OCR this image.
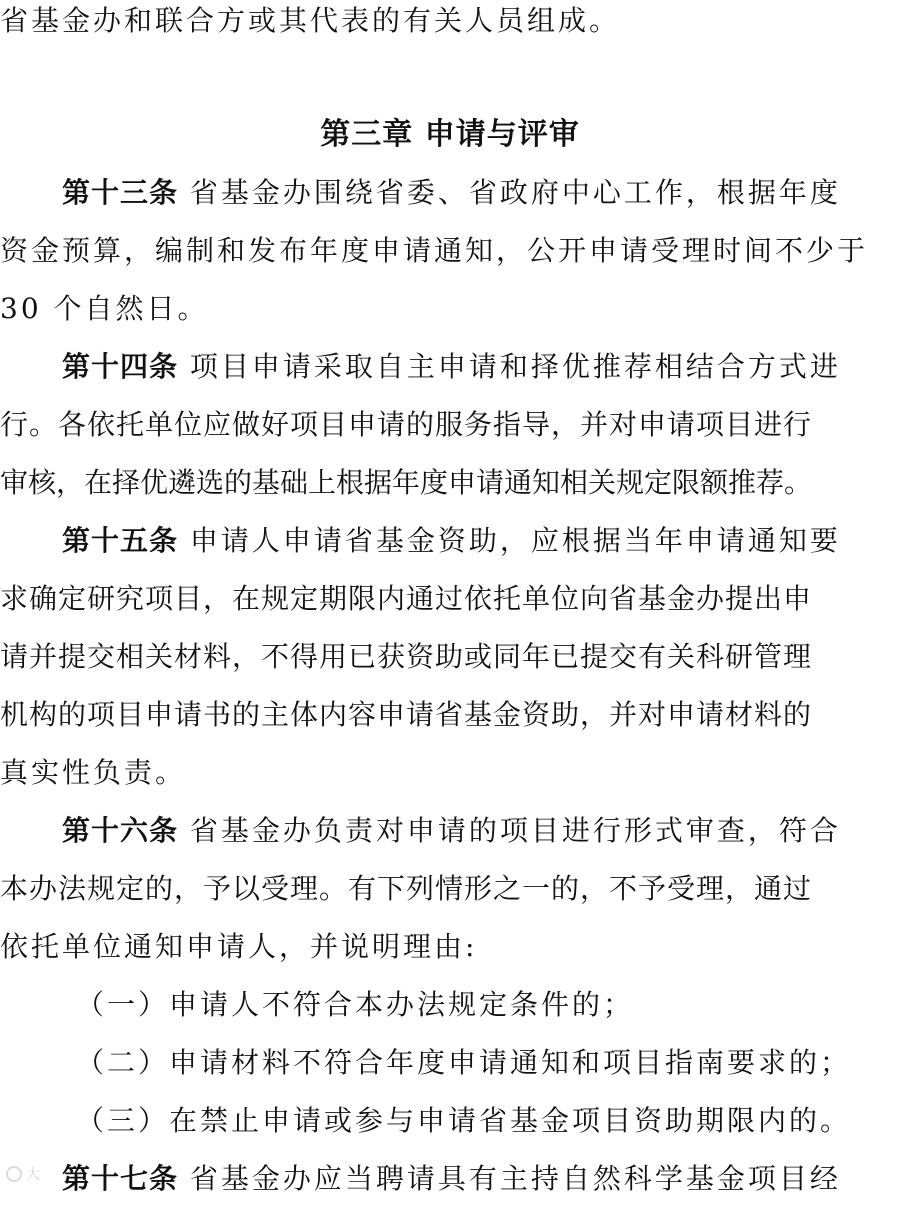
省基金办和联合方或其代表的有关人员组成。
第三章 申请与评审
第十三条 省基金办围绕省委、省政府中心工作，根据年度
资金预算，编制和发布年度申请通知，公开申请受理时间不少于
30 个自然日。
第十四条 项目申请采取自主申请和择优推荐相结合方式进
行。各依托单位应做好项目申请的服务指导，并对申请项目进行
审核，在择优遴选的基础上根据年度申请通知相关规定限额推荐。
第十五条 申请人申请省基金资助，应根据当年申请通知要
求确定研究项目，在规定期限内通过依托单位向省基金办提出申
请并提交相关材料，不得用已获资助或同年已提交有关科研管理
机构的项目申请书的主体内容申请省基金资助，并对申请材料的
真实性负责。
第十六条 省基金办负责对申请的项目进行形式审查，符合
本办法规定的，予以受理。有下列情形之一的，不予受理，通过
依托单位通知申请人，并说明理由:
（一）申请人不符合本办法规定条件的；
（二）申请材料不符合年度申请通知和项目指南要求的；
（三）在禁止申请或参与申请省基金项目资助期限内的。
第十七条 省基金办应当聘请具有主持自然科学基金项目经
大
